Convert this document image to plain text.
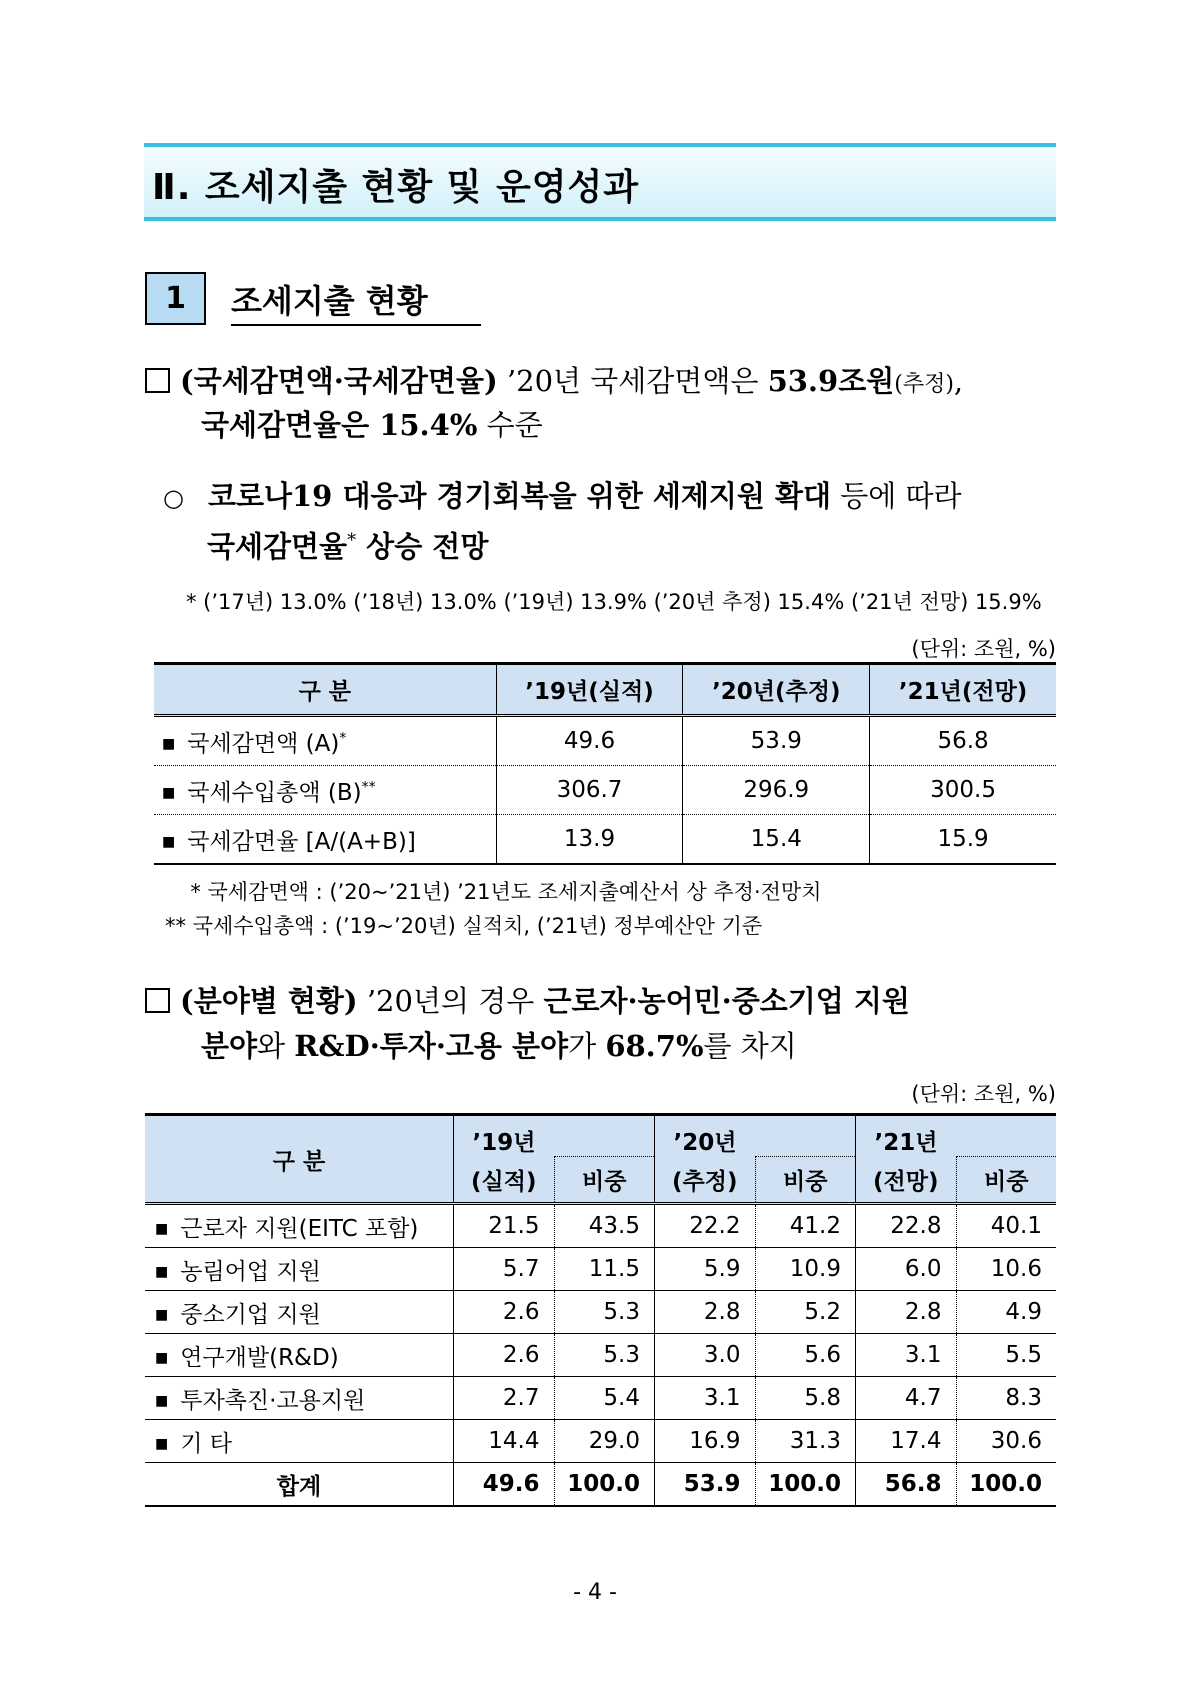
Ⅱ. 조세지출 현황 및 운영성과
1	조세지출 현황
(국세감면액·국세감면율) ’20년 국세감면액은 53.9조원(추정),
국세감면율은 15.4% 수준
○ 코로나19 대응과 경기회복을 위한 세제지원 확대 등에 따라
국세감면율* 상승 전망
* (’17년) 13.0% (’18년) 13.0% (’19년) 13.9% (’20년 추정) 15.4% (’21년 전망) 15.9%
(단위: 조원, %)
구 분	’19년(실적)	’20년(추정)	’21년(전망)
■ 국세감면액 (A)*	49.6	53.9	56.8
■ 국세수입총액 (B)**	306.7	296.9	300.5
■ 국세감면율 [A/(A+B)]	13.9	15.4	15.9
* 국세감면액 : (’20~’21년) ’21년도 조세지출예산서 상 추정·전망치
** 국세수입총액 : (’19~’20년) 실적치, (’21년) 정부예산안 기준
(분야별 현황) ’20년의 경우 근로자·농어민·중소기업 지원
분야와 R&D·투자·고용 분야가 68.7%를 차지
(단위: 조원, %)
구 분	’19년		’20년		’21년	
	(실적)	비중	(추정)	비중	(전망)	비중
■ 근로자 지원(EITC 포함)	21.5	43.5	22.2	41.2	22.8	40.1
■ 농림어업 지원	5.7	11.5	5.9	10.9	6.0	10.6
■ 중소기업 지원	2.6	5.3	2.8	5.2	2.8	4.9
■ 연구개발(R&D)	2.6	5.3	3.0	5.6	3.1	5.5
■ 투자촉진·고용지원	2.7	5.4	3.1	5.8	4.7	8.3
■ 기 타	14.4	29.0	16.9	31.3	17.4	30.6
합계	49.6	100.0	53.9	100.0	56.8	100.0
- 4 -
